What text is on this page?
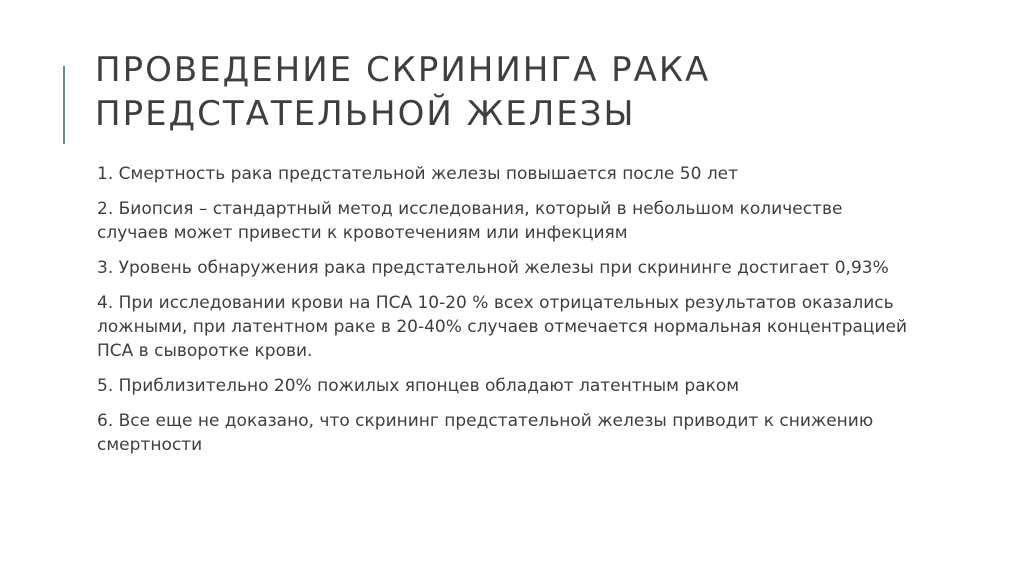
ПРОВЕДЕНИЕ СКРИНИНГА РАКА
ПРЕДСТАТЕЛЬНОЙ ЖЕЛЕЗЫ
1. Смертность рака предстательной железы повышается после 50 лет
2. Биопсия – стандартный метод исследования, который в небольшом количестве случаев может привести к кровотечениям или инфекциям
3. Уровень обнаружения рака предстательной железы при скрининге достигает 0,93%
4. При исследовании крови на ПСА 10-20 % всех отрицательных результатов оказались ложными, при латентном раке в 20-40% случаев отмечается нормальная концентрацией ПСА в сыворотке крови.
5. Приблизительно 20% пожилых японцев обладают латентным раком
6. Все еще не доказано, что скрининг предстательной железы приводит к снижению смертности
